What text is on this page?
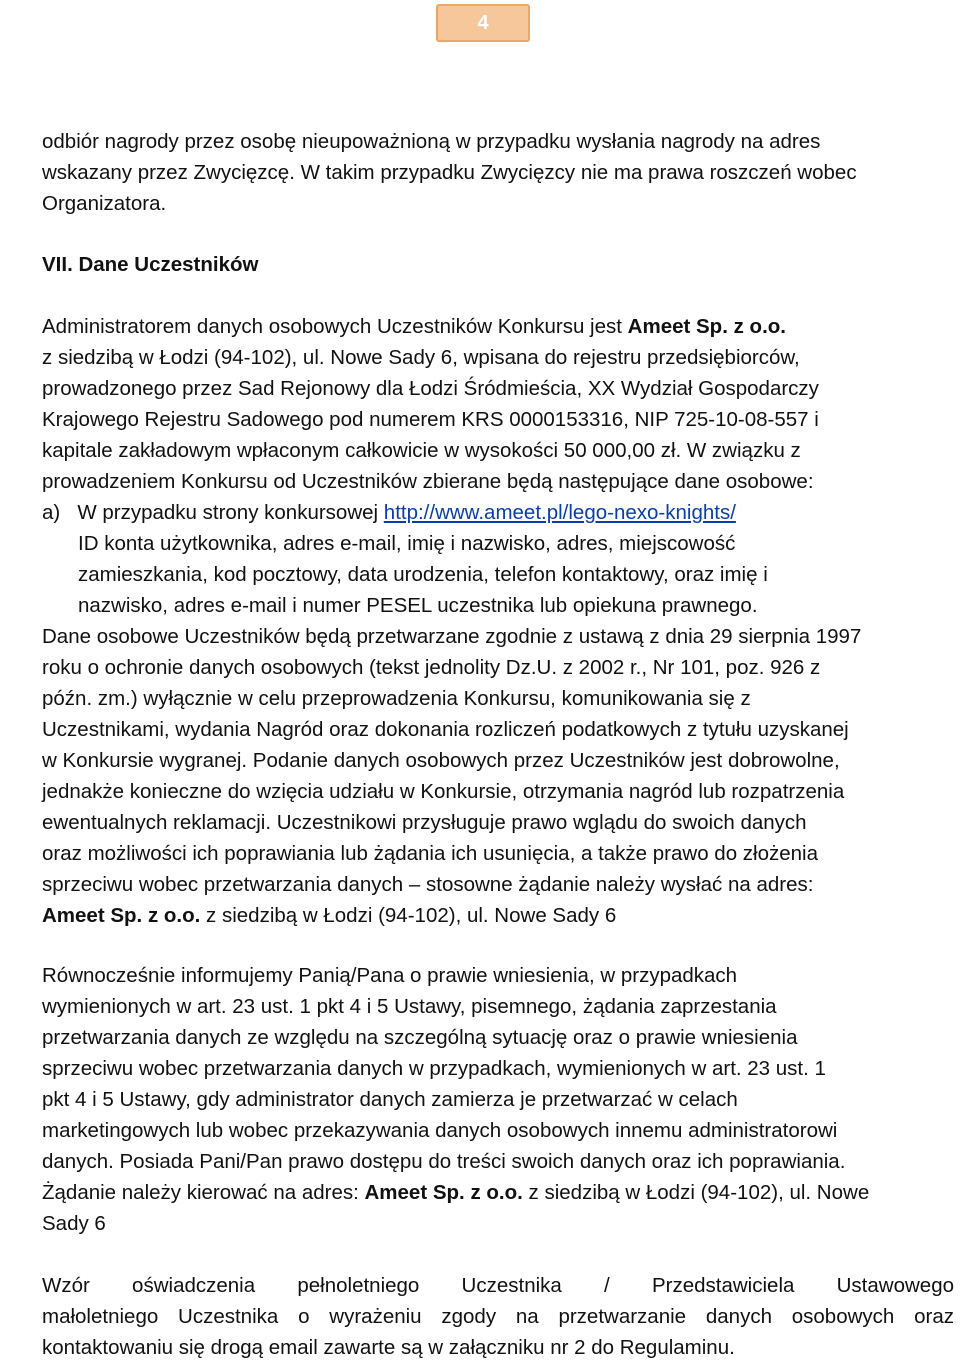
4
odbiór nagrody przez osobę nieupoważnioną w przypadku wysłania nagrody na adres
wskazany przez Zwycięzcę. W takim przypadku Zwycięzcy nie ma prawa roszczeń wobec
Organizatora.
VII. Dane Uczestników
Administratorem danych osobowych Uczestników Konkursu jest Ameet Sp. z o.o.
z siedzibą w Łodzi (94-102), ul. Nowe Sady 6, wpisana do rejestru przedsiębiorców,
prowadzonego przez Sad Rejonowy dla Łodzi Śródmieścia, XX Wydział Gospodarczy
Krajowego Rejestru Sadowego pod numerem KRS 0000153316, NIP 725-10-08-557 i
kapitale zakładowym wpłaconym całkowicie w wysokości 50 000,00 zł. W związku z
prowadzeniem Konkursu od Uczestników zbierane będą następujące dane osobowe:
a)   W przypadku strony konkursowej http://www.ameet.pl/lego-nexo-knights/
ID konta użytkownika, adres e-mail, imię i nazwisko, adres, miejscowość
zamieszkania, kod pocztowy, data urodzenia, telefon kontaktowy, oraz imię i
nazwisko, adres e-mail i numer PESEL uczestnika lub opiekuna prawnego.
Dane osobowe Uczestników będą przetwarzane zgodnie z ustawą z dnia 29 sierpnia 1997
roku o ochronie danych osobowych (tekst jednolity Dz.U. z 2002 r., Nr 101, poz. 926 z
późn. zm.) wyłącznie w celu przeprowadzenia Konkursu, komunikowania się z
Uczestnikami, wydania Nagród oraz dokonania rozliczeń podatkowych z tytułu uzyskanej
w Konkursie wygranej. Podanie danych osobowych przez Uczestników jest dobrowolne,
jednakże konieczne do wzięcia udziału w Konkursie, otrzymania nagród lub rozpatrzenia
ewentualnych reklamacji. Uczestnikowi przysługuje prawo wglądu do swoich danych
oraz możliwości ich poprawiania lub żądania ich usunięcia, a także prawo do złożenia
sprzeciwu wobec przetwarzania danych – stosowne żądanie należy wysłać na adres:
Ameet Sp. z o.o. z siedzibą w Łodzi (94-102), ul. Nowe Sady 6
Równocześnie informujemy Panią/Pana o prawie wniesienia, w przypadkach
wymienionych w art. 23 ust. 1 pkt 4 i 5 Ustawy, pisemnego, żądania zaprzestania
przetwarzania danych ze względu na szczególną sytuację oraz o prawie wniesienia
sprzeciwu wobec przetwarzania danych w przypadkach, wymienionych w art. 23 ust. 1
pkt 4 i 5 Ustawy, gdy administrator danych zamierza je przetwarzać w celach
marketingowych lub wobec przekazywania danych osobowych innemu administratorowi
danych. Posiada Pani/Pan prawo dostępu do treści swoich danych oraz ich poprawiania.
Żądanie należy kierować na adres: Ameet Sp. z o.o. z siedzibą w Łodzi (94-102), ul. Nowe
Sady 6
Wzór oświadczenia pełnoletniego Uczestnika / Przedstawiciela Ustawowego
małoletniego Uczestnika o wyrażeniu zgody na przetwarzanie danych osobowych oraz
kontaktowaniu się drogą email zawarte są w załączniku nr 2 do Regulaminu.
